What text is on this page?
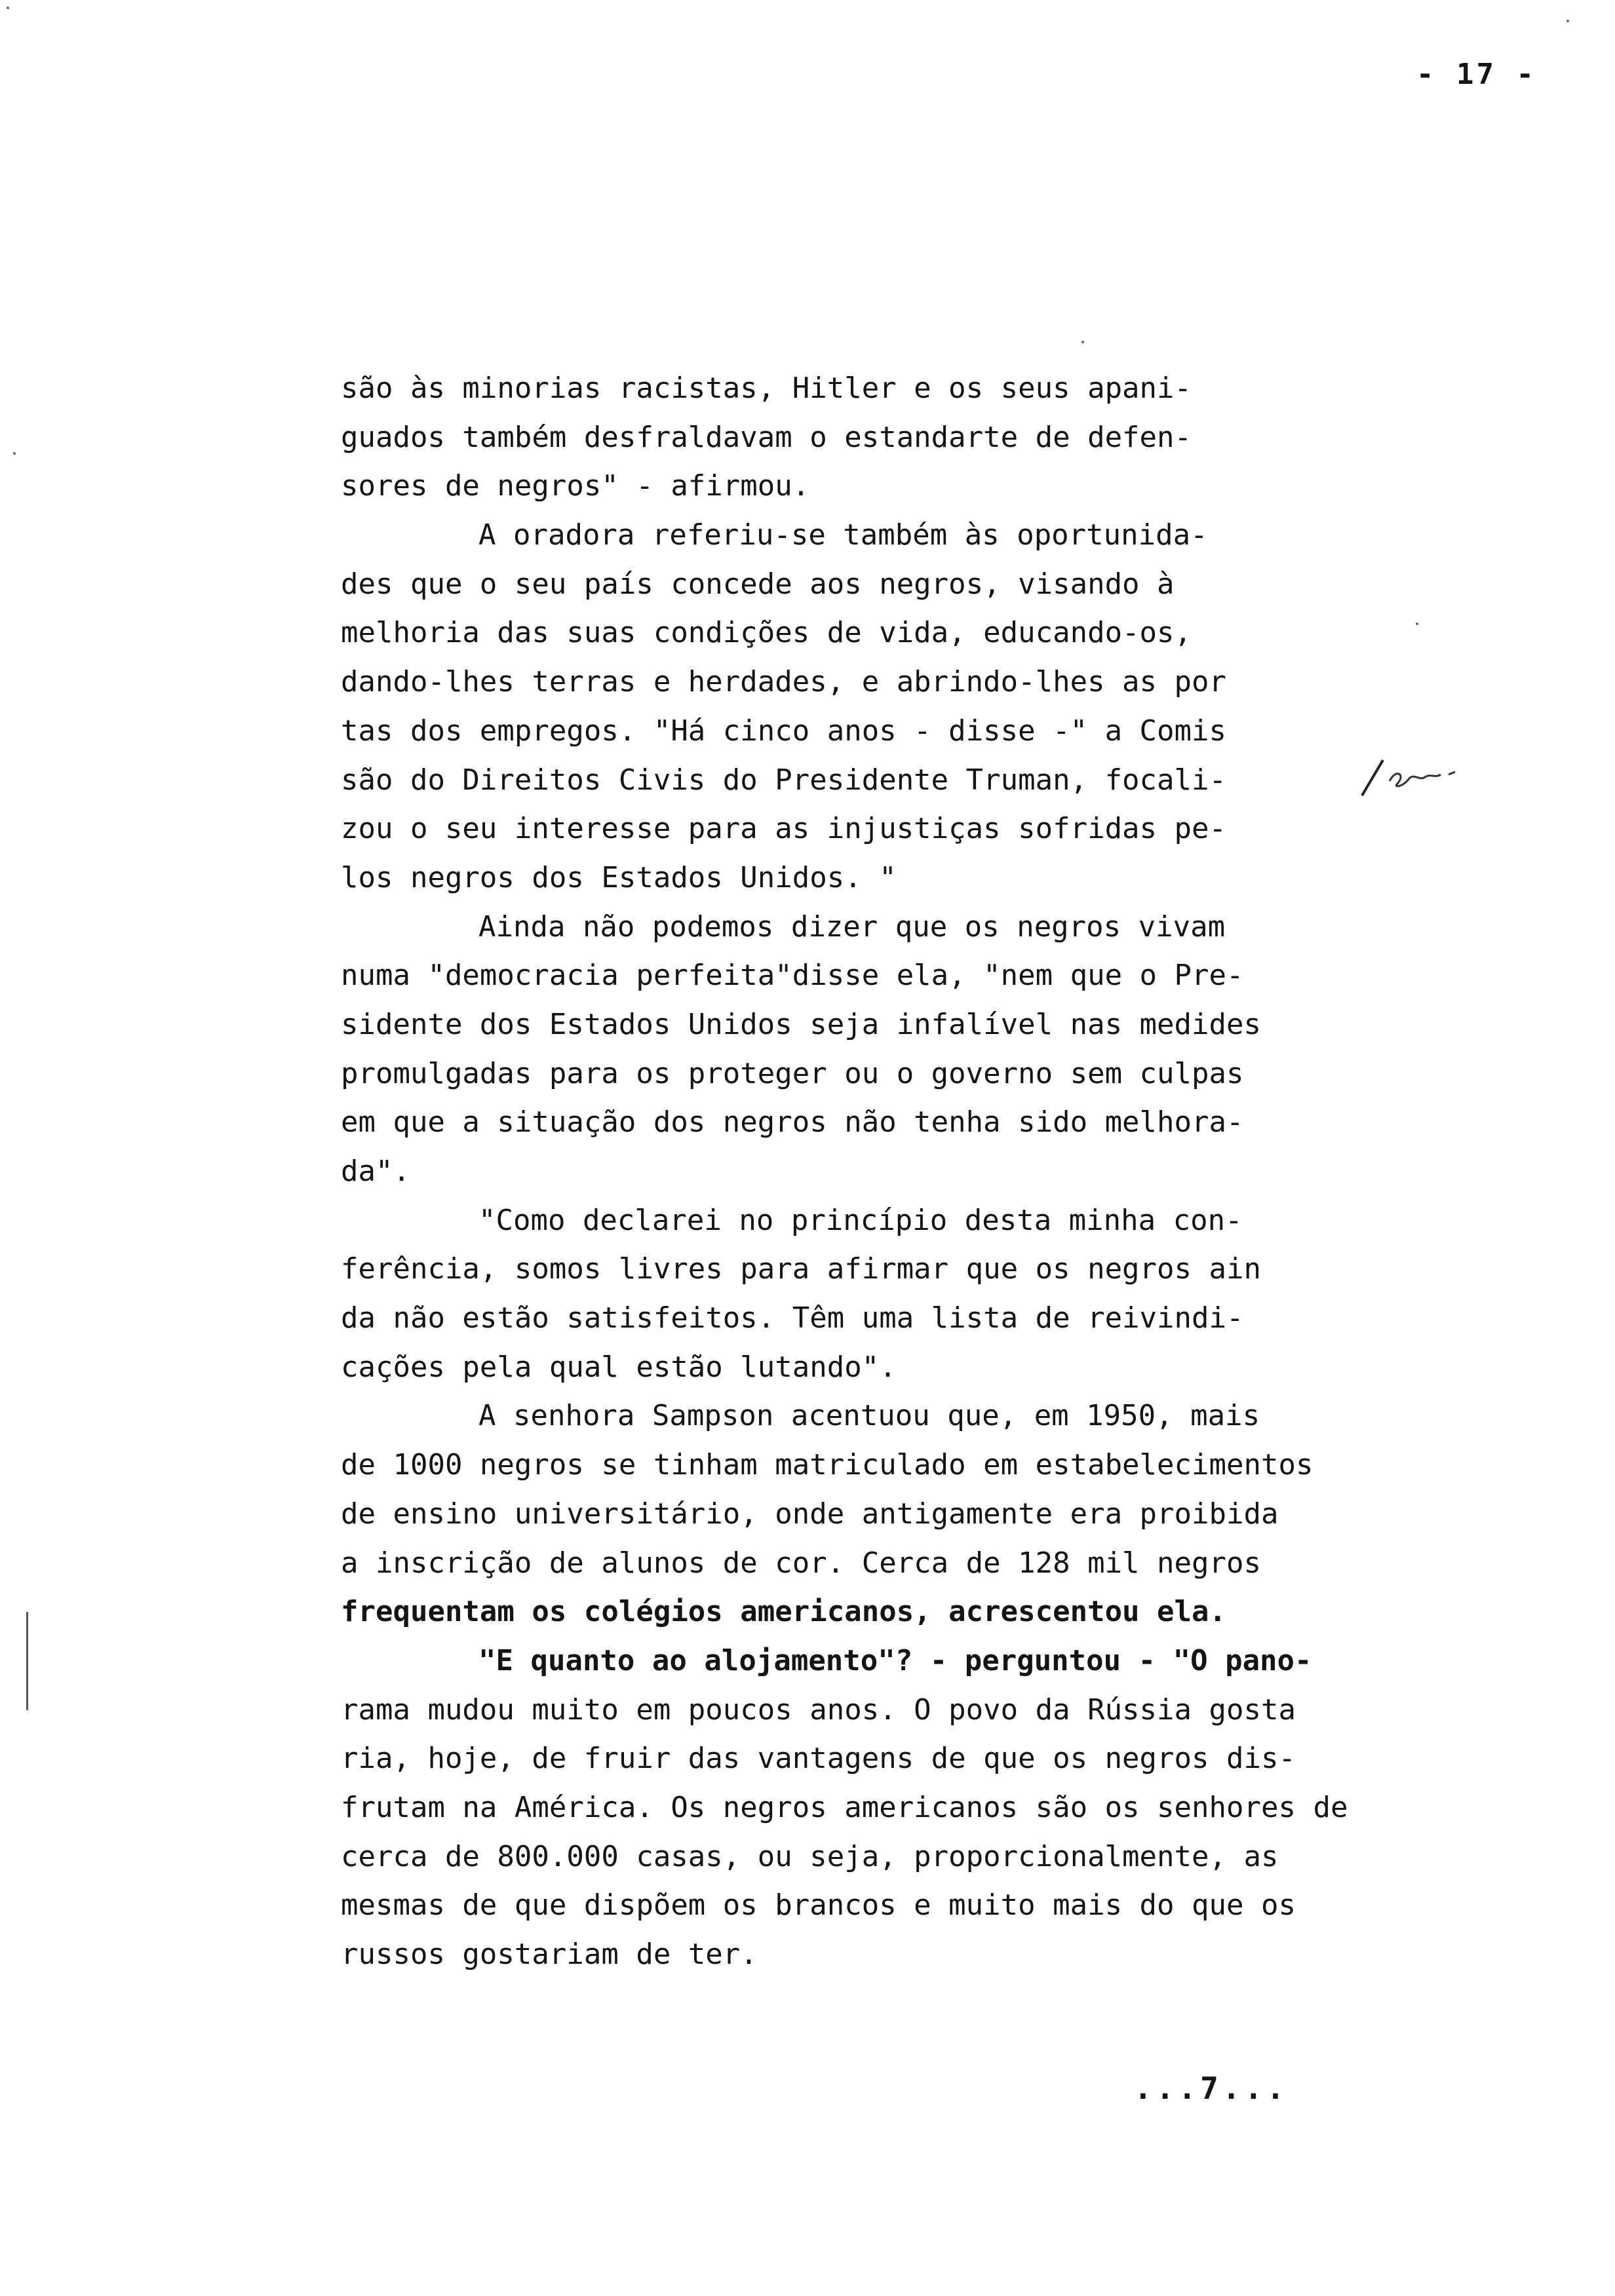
- 17 -
são às minorias racistas, Hitler e os seus apani-
guados também desfraldavam o estandarte de defen-
sores de negros" - afirmou.
A oradora referiu-se também às oportunida-
des que o seu país concede aos negros, visando à
melhoria das suas condições de vida, educando-os,
dando-lhes terras e herdades, e abrindo-lhes as por
tas dos empregos. "Há cinco anos - disse -" a Comis
são do Direitos Civis do Presidente Truman, focali-
zou o seu interesse para as injustiças sofridas pe-
los negros dos Estados Unidos. "
Ainda não podemos dizer que os negros vivam
numa "democracia perfeita"disse ela, "nem que o Pre-
sidente dos Estados Unidos seja infalível nas medides
promulgadas para os proteger ou o governo sem culpas
em que a situação dos negros não tenha sido melhora-
da".
"Como declarei no princípio desta minha con-
ferência, somos livres para afirmar que os negros ain
da não estão satisfeitos. Têm uma lista de reivindi-
cações pela qual estão lutando".
A senhora Sampson acentuou que, em 1950, mais
de 1000 negros se tinham matriculado em estabelecimentos
de ensino universitário, onde antigamente era proibida
a inscrição de alunos de cor. Cerca de 128 mil negros
frequentam os colégios americanos, acrescentou ela.
"E quanto ao alojamento"? - perguntou - "O pano-
rama mudou muito em poucos anos. O povo da Rússia gosta
ria, hoje, de fruir das vantagens de que os negros dis-
frutam na América. Os negros americanos são os senhores de
cerca de 800.000 casas, ou seja, proporcionalmente, as
mesmas de que dispõem os brancos e muito mais do que os
russos gostariam de ter.
...7...
